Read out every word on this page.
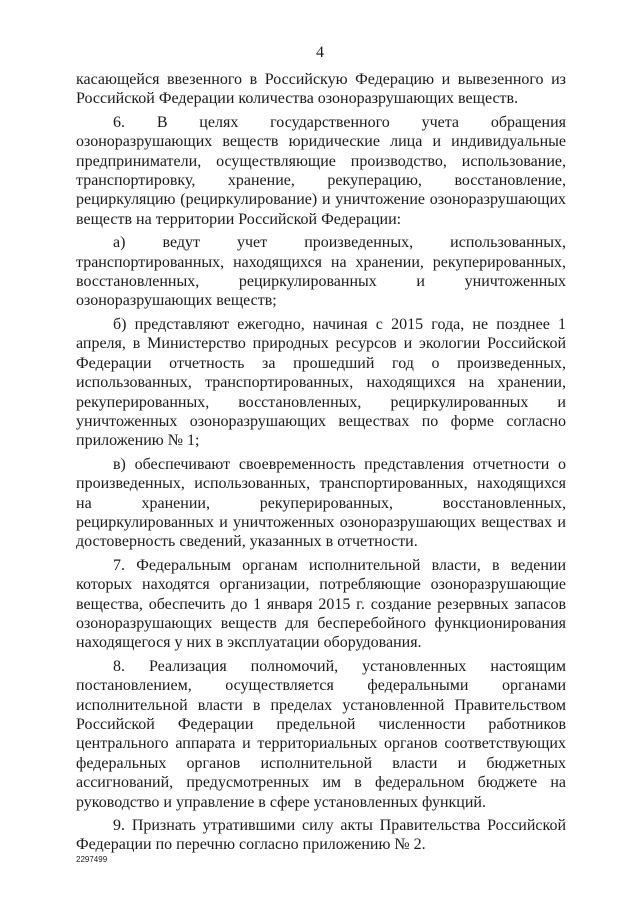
4

касающейся ввезенного в Российскую Федерацию и вывезенного из Российской Федерации количества озоноразрушающих веществ.

6. В целях государственного учета обращения озоноразрушающих веществ юридические лица и индивидуальные предприниматели, осуществляющие производство, использование, транспортировку, хранение, рекуперацию, восстановление, рециркуляцию (рециркулирование) и уничтожение озоноразрушающих веществ на территории Российской Федерации:

а) ведут учет произведенных, использованных, транспортированных, находящихся на хранении, рекуперированных, восстановленных, рециркулированных и уничтоженных озоноразрушающих веществ;

б) представляют ежегодно, начиная с 2015 года, не позднее 1 апреля, в Министерство природных ресурсов и экологии Российской Федерации отчетность за прошедший год о произведенных, использованных, транспортированных, находящихся на хранении, рекуперированных, восстановленных, рециркулированных и уничтоженных озоноразрушающих веществах по форме согласно приложению № 1;

в) обеспечивают своевременность представления отчетности о произведенных, использованных, транспортированных, находящихся на хранении, рекуперированных, восстановленных, рециркулированных и уничтоженных озоноразрушающих веществах и достоверность сведений, указанных в отчетности.

7. Федеральным органам исполнительной власти, в ведении которых находятся организации, потребляющие озоноразрушающие вещества, обеспечить до 1 января 2015 г. создание резервных запасов озоноразрушающих веществ для бесперебойного функционирования находящегося у них в эксплуатации оборудования.

8. Реализация полномочий, установленных настоящим постановлением, осуществляется федеральными органами исполнительной власти в пределах установленной Правительством Российской Федерации предельной численности работников центрального аппарата и территориальных органов соответствующих федеральных органов исполнительной власти и бюджетных ассигнований, предусмотренных им в федеральном бюджете на руководство и управление в сфере установленных функций.

9. Признать утратившими силу акты Правительства Российской Федерации по перечню согласно приложению № 2.

2297499
